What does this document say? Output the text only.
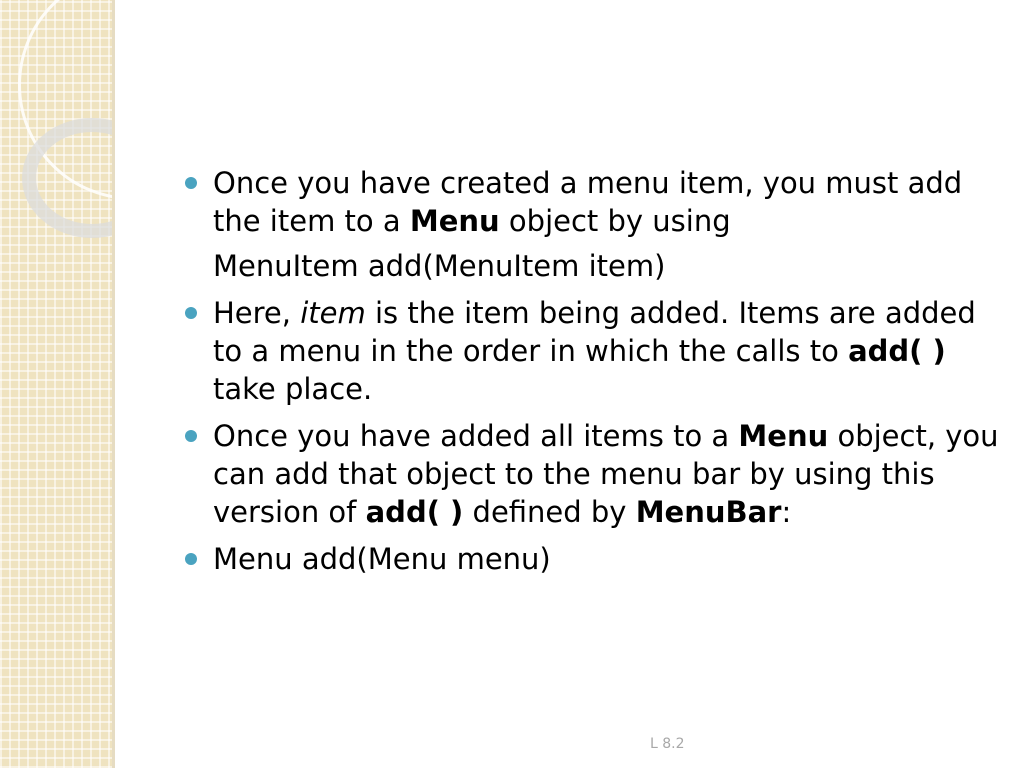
Once you have created a menu item, you must add the item to a Menu object by using
MenuItem add(MenuItem item)
Here, item is the item being added. Items are added to a menu in the order in which the calls to add( ) take place.
Once you have added all items to a Menu object, you can add that object to the menu bar by using this version of add( ) defined by MenuBar:
Menu add(Menu menu)
L 8.2
